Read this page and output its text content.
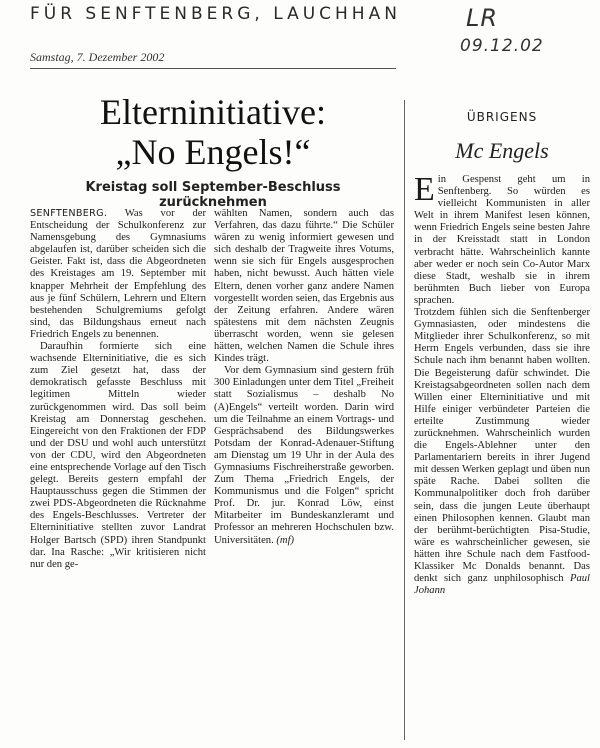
FÜR SENFTENBERG, LAUCHHAN	LR
09.12.02
Samstag, 7. Dezember 2002
Elterninitiative:
„No Engels!“
Kreistag soll September-Beschluss zurücknehmen

SENFTENBERG. Was vor der Entscheidung der Schulkonferenz zur Namensgebung des Gymnasiums abgelaufen ist, darüber scheiden sich die Geister. Fakt ist, dass die Abgeordneten des Kreistages am 19. September mit knapper Mehrheit der Empfehlung des aus je fünf Schülern, Lehrern und Eltern bestehenden Schulgremiums gefolgt sind, das Bildungshaus erneut nach Friedrich Engels zu benennen.

Daraufhin formierte sich eine wachsende Elterninitiative, die es sich zum Ziel gesetzt hat, dass der demokratisch gefasste Beschluss mit legitimen Mitteln wieder zurückgenommen wird. Das soll beim Kreistag am Donnerstag geschehen. Eingereicht von den Fraktionen der FDP und der DSU und wohl auch unterstützt von der CDU, wird den Abgeordneten eine entsprechende Vorlage auf den Tisch gelegt. Bereits gestern empfahl der Hauptausschuss gegen die Stimmen der zwei PDS-Abgeordneten die Rücknahme des Engels-Beschlusses. Vertreter der Elterninitiative stellten zuvor Landrat Holger Bartsch (SPD) ihren Standpunkt dar. Ina Rasche: „Wir kritisieren nicht nur den ge-

wählten Namen, sondern auch das Verfahren, das dazu führte.“ Die Schüler wären zu wenig informiert gewesen und sich deshalb der Tragweite ihres Votums, wenn sie sich für Engels ausgesprochen haben, nicht bewusst. Auch hätten viele Eltern, denen vorher ganz andere Namen vorgestellt worden seien, das Ergebnis aus der Zeitung erfahren. Andere wären spätestens mit dem nächsten Zeugnis überrascht worden, wenn sie gelesen hätten, welchen Namen die Schule ihres Kindes trägt.

Vor dem Gymnasium sind gestern früh 300 Einladungen unter dem Titel „Freiheit statt Sozialismus – deshalb No (A)Engels“ verteilt worden. Darin wird um die Teilnahme an einem Vortrags- und Gesprächsabend des Bildungswerkes Potsdam der Konrad-Adenauer-Stiftung am Dienstag um 19 Uhr in der Aula des Gymnasiums Fischreiherstraße geworben. Zum Thema „Friedrich Engels, der Kommunismus und die Folgen“ spricht Prof. Dr. jur. Konrad Löw, einst Mitarbeiter im Bundeskanzleramt und Professor an mehreren Hochschulen bzw. Universitäten. (mf)

ÜBRIGENS
Mc Engels

E in Gespenst geht um in Senftenberg. So würden es vielleicht Kommunisten in aller Welt in ihrem Manifest lesen können, wenn Friedrich Engels seine besten Jahre in der Kreisstadt statt in London verbracht hätte. Wahrscheinlich kannte aber weder er noch sein Co-Autor Marx diese Stadt, weshalb sie in ihrem berühmten Buch lieber von Europa sprachen.

Trotzdem fühlen sich die Senftenberger Gymnasiasten, oder mindestens die Mitglieder ihrer Schulkonferenz, so mit Herrn Engels verbunden, dass sie ihre Schule nach ihm benannt haben wollten. Die Begeisterung dafür schwindet. Die Kreistagsabgeordneten sollen nach dem Willen einer Elterninitiative und mit Hilfe einiger verbündeter Parteien die erteilte Zustimmung wieder zurücknehmen. Wahrscheinlich wurden die Engels-Ablehner unter den Parlamentariern bereits in ihrer Jugend mit dessen Werken geplagt und üben nun späte Rache. Dabei sollten die Kommunalpolitiker doch froh darüber sein, dass die jungen Leute überhaupt einen Philosophen kennen. Glaubt man der berühmt-berüchtigten Pisa-Studie, wäre es wahrscheinlicher gewesen, sie hätten ihre Schule nach dem Fastfood-Klassiker Mc Donalds benannt. Das denkt sich ganz unphilosophisch Paul Johann
